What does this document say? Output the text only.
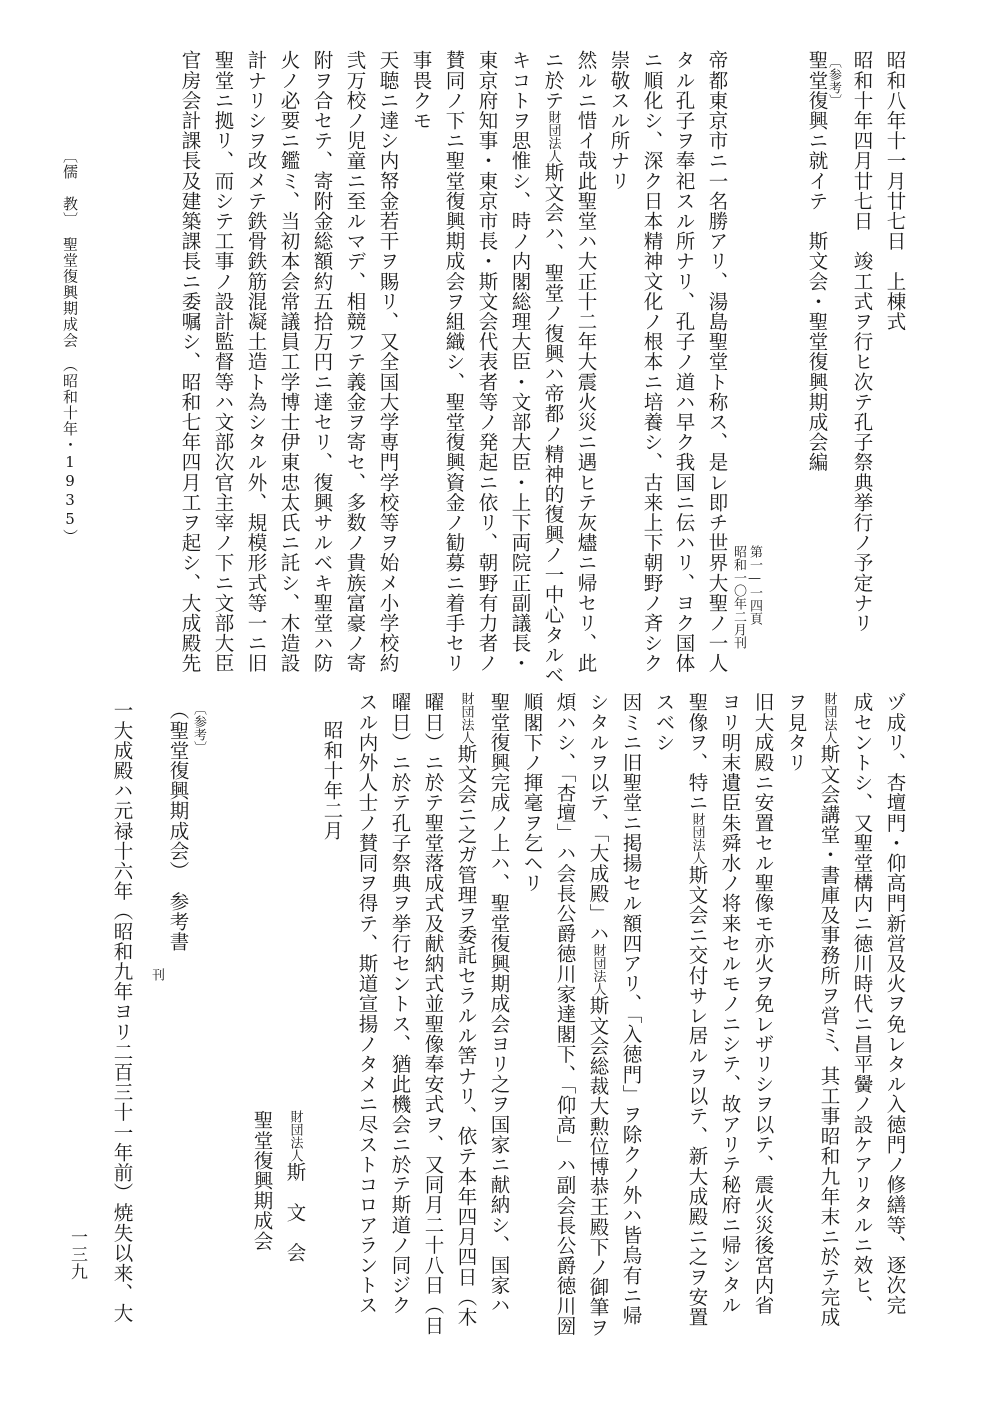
昭和八年十一月廿七日　上棟式
昭和十年四月廿七日　竣工式ヲ行ヒ次テ孔子祭典挙行ノ予定ナリ
〔参考〕
聖堂復興ニ就イテ　斯文会・聖堂復興期成会編
第一—一四頁
昭和一〇年二月刊
帝都東京市ニ一名勝アリ、湯島聖堂ト称ス、是レ即チ世界大聖ノ一人
タル孔子ヲ奉祀スル所ナリ、孔子ノ道ハ早ク我国ニ伝ハリ、ヨク国体
ニ順化シ、深ク日本精神文化ノ根本ニ培養シ、古来上下朝野ノ斉シク
崇敬スル所ナリ
然ルニ惜イ哉此聖堂ハ大正十二年大震火災ニ遇ヒテ灰燼ニ帰セリ、此
ニ於テ財団法人斯文会ハ、聖堂ノ復興ハ帝都ノ精神的復興ノ一中心タルベ
キコトヲ思惟シ、時ノ内閣総理大臣・文部大臣・上下両院正副議長・
東京府知事・東京市長・斯文会代表者等ノ発起ニ依リ、朝野有力者ノ
賛同ノ下ニ聖堂復興期成会ヲ組織シ、聖堂復興資金ノ勧募ニ着手セリ
事畏クモ
天聴ニ達シ内帑金若干ヲ賜リ、又全国大学専門学校等ヲ始メ小学校約
弐万校ノ児童ニ至ルマデ、相競フテ義金ヲ寄セ、多数ノ貴族富豪ノ寄
附ヲ合セテ、寄附金総額約五拾万円ニ達セリ、復興サルベキ聖堂ハ防
火ノ必要ニ鑑ミ、当初本会常議員工学博士伊東忠太氏ニ託シ、木造設
計ナリシヲ改メテ鉄骨鉄筋混凝土造ト為シタル外、規模形式等一ニ旧
聖堂ニ拠リ、而シテ工事ノ設計監督等ハ文部次官主宰ノ下ニ文部大臣
官房会計課長及建築課長ニ委嘱シ、昭和七年四月工ヲ起シ、大成殿先
〔儒　教〕　聖堂復興期成会　（昭和十年・1935）
ヅ成リ、杏壇門・仰高門新営及火ヲ免レタル入徳門ノ修繕等、逐次完
成セントシ、又聖堂構内ニ徳川時代ニ昌平黌ノ設ケアリタルニ效ヒ、
財団法人斯文会講堂・書庫及事務所ヲ営ミ、其工事昭和九年末ニ於テ完成
ヲ見タリ
旧大成殿ニ安置セル聖像モ亦火ヲ免レザリシヲ以テ、震火災後宮内省
ヨリ明末遺臣朱舜水ノ将来セルモノニシテ、故アリテ秘府ニ帰シタル
聖像ヲ、特ニ財団法人斯文会ニ交付サレ居ルヲ以テ、新大成殿ニ之ヲ安置
スベシ
因ミニ旧聖堂ニ掲揚セル額四アリ、「入徳門」ヲ除クノ外ハ皆烏有ニ帰
シタルヲ以テ、「大成殿」ハ財団法人斯文会総裁大勲位博恭王殿下ノ御筆ヲ
煩ハシ、「杏壇」ハ会長公爵徳川家達閣下、「仰高」ハ副会長公爵徳川圀
順閣下ノ揮毫ヲ乞ヘリ
聖堂復興完成ノ上ハ、聖堂復興期成会ヨリ之ヲ国家ニ献納シ、国家ハ
財団法人斯文会ニ之ガ管理ヲ委託セラルル筈ナリ、依テ本年四月四日（木
曜日）ニ於テ聖堂落成式及献納式並聖像奉安式ヲ、又同月二十八日（日
曜日）ニ於テ孔子祭典ヲ挙行セントス、猶此機会ニ於テ斯道ノ同ジク
スル内外人士ノ賛同ヲ得テ、斯道宣揚ノタメニ尽ストコロアラントス
昭和十年二月
財団法人斯　文　会
聖堂復興期成会
〔参考〕
（聖堂復興期成会）　参考書
刊
一大成殿ハ元禄十六年（昭和九年ヨリ二百三十一年前）焼失以来、大
一三九
